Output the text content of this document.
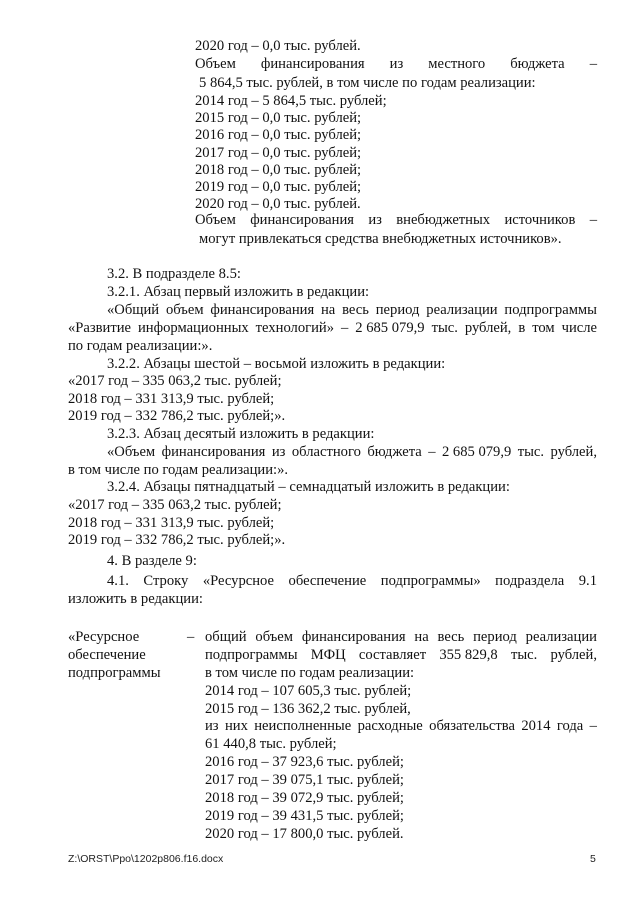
2020 год – 0,0 тыс. рублей.
Объем финансирования из местного бюджета –
5 864,5 тыс. рублей, в том числе по годам реализации:
2014 год – 5 864,5 тыс. рублей;
2015 год – 0,0 тыс. рублей;
2016 год – 0,0 тыс. рублей;
2017 год – 0,0 тыс. рублей;
2018 год – 0,0 тыс. рублей;
2019 год – 0,0 тыс. рублей;
2020 год – 0,0 тыс. рублей.
Объем финансирования из внебюджетных источников –
могут привлекаться средства внебюджетных источников».
3.2. В подразделе 8.5:
3.2.1. Абзац первый изложить в редакции:
«Общий объем финансирования на весь период реализации подпрограммы
«Развитие информационных технологий» – 2 685 079,9 тыс. рублей, в том числе
по годам реализации:».
3.2.2. Абзацы шестой – восьмой изложить в редакции:
«2017 год – 335 063,2 тыс. рублей;
2018 год – 331 313,9 тыс. рублей;
2019 год – 332 786,2 тыс. рублей;».
3.2.3. Абзац десятый изложить в редакции:
«Объем финансирования из областного бюджета – 2 685 079,9 тыс. рублей,
в том числе по годам реализации:».
3.2.4. Абзацы пятнадцатый – семнадцатый изложить в редакции:
«2017 год – 335 063,2 тыс. рублей;
2018 год – 331 313,9 тыс. рублей;
2019 год – 332 786,2 тыс. рублей;».
4. В разделе 9:
4.1. Строку «Ресурсное обеспечение подпрограммы» подраздела 9.1
изложить в редакции:
«Ресурсное
обеспечение
подпрограммы
– общий объем финансирования на весь период реализации
подпрограммы МФЦ составляет 355 829,8 тыс. рублей,
в том числе по годам реализации:
2014 год – 107 605,3 тыс. рублей;
2015 год – 136 362,2 тыс. рублей,
из них неисполненные расходные обязательства 2014 года –
61 440,8 тыс. рублей;
2016 год – 37 923,6 тыс. рублей;
2017 год – 39 075,1 тыс. рублей;
2018 год – 39 072,9 тыс. рублей;
2019 год – 39 431,5 тыс. рублей;
2020 год – 17 800,0 тыс. рублей.
Z:\ORST\Ppo\1202p806.f16.docx	5
